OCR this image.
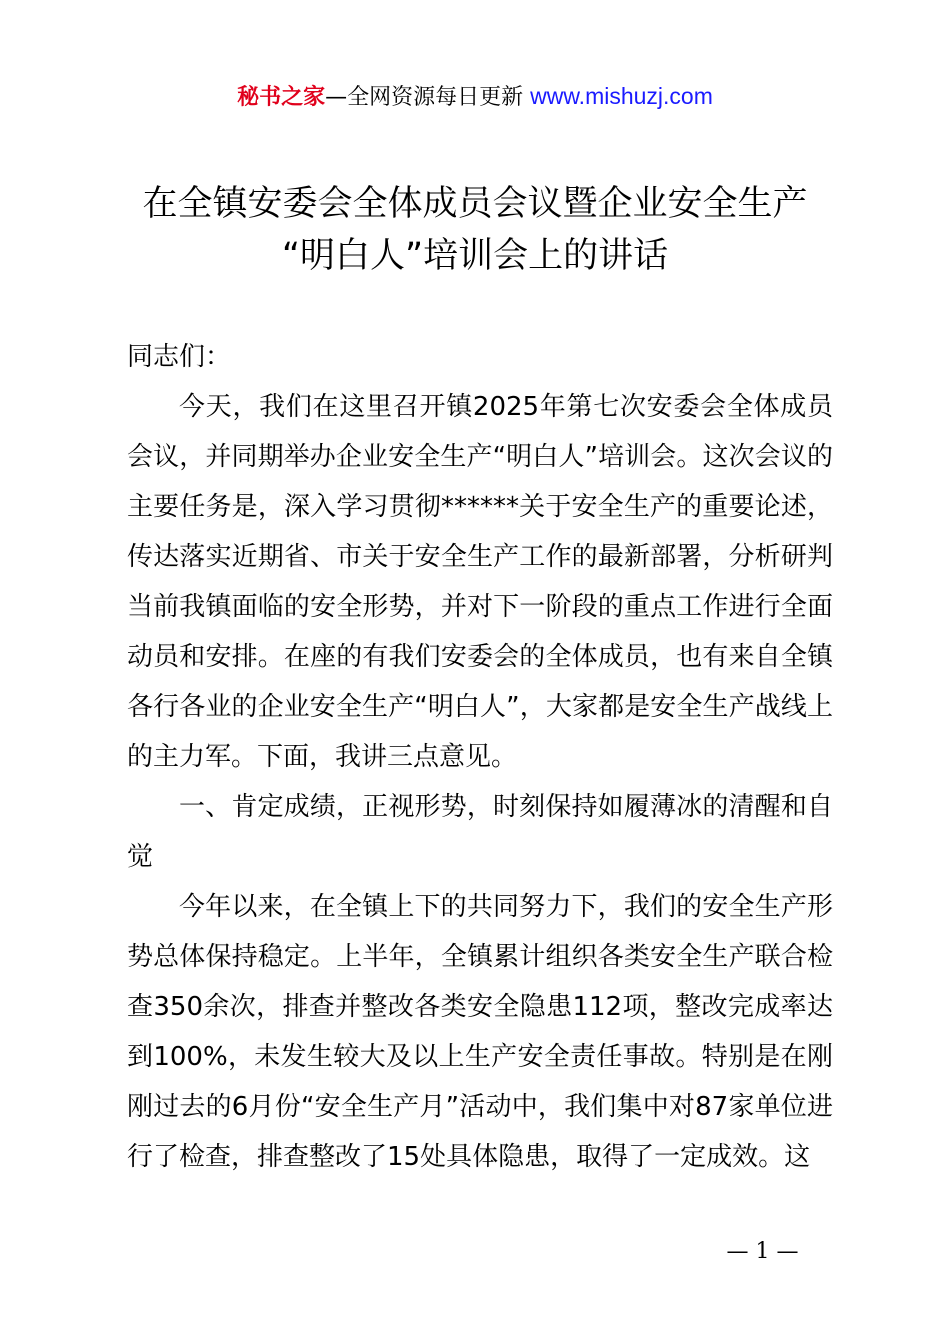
秘书之家—全网资源每日更新 www.mishuzj.com
在全镇安委会全体成员会议暨企业安全生产
“明白人”培训会上的讲话

同志们：

今天，我们在这里召开镇2025年第七次安委会全体成员会议，并同期举办企业安全生产“明白人”培训会。这次会议的主要任务是，深入学习贯彻******关于安全生产的重要论述，传达落实近期省、市关于安全生产工作的最新部署，分析研判当前我镇面临的安全形势，并对下一阶段的重点工作进行全面动员和安排。在座的有我们安委会的全体成员，也有来自全镇各行各业的企业安全生产“明白人”，大家都是安全生产战线上的主力军。下面，我讲三点意见。

一、肯定成绩，正视形势，时刻保持如履薄冰的清醒和自觉

今年以来，在全镇上下的共同努力下，我们的安全生产形势总体保持稳定。上半年，全镇累计组织各类安全生产联合检查350余次，排查并整改各类安全隐患112项，整改完成率达到100%，未发生较大及以上生产安全责任事故。特别是在刚刚过去的6月份“安全生产月”活动中，我们集中对87家单位进行了检查，排查整改了15处具体隐患，取得了一定成效。这

— 1 —
